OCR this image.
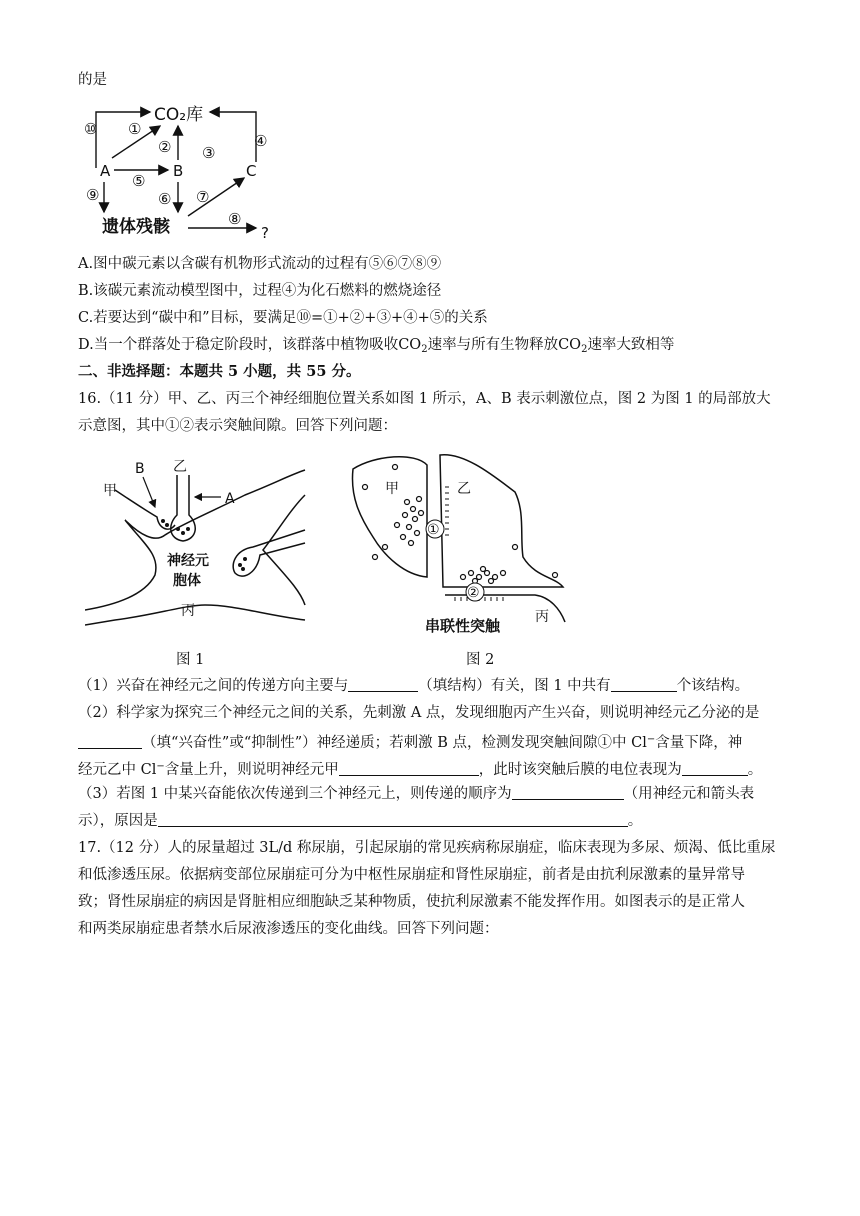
的是
CO₂库
A	B	C
遗体残骸	?
①
② ③
④
⑤
⑥ ⑦
⑧
⑨
⑩
A.图中碳元素以含碳有机物形式流动的过程有⑤⑥⑦⑧⑨
B.该碳元素流动模型图中，过程④为化石燃料的燃烧途径
C.若要达到“碳中和”目标，要满足⑩=①+②+③+④+⑤的关系
D.当一个群落处于稳定阶段时，该群落中植物吸收$CO_2$速率与所有生物释放$CO_2$速率大致相等
二、非选择题：本题共 5 小题，共 55 分。
16.（11 分）甲、乙、丙三个神经细胞位置关系如图 1 所示，A、B 表示刺激位点，图 2 为图 1 的局部放大
示意图，其中①②表示突触间隙。回答下列问题：
B 乙
甲	A
神经元
胞体
丙
图 1
①
②
甲	乙
丙
串联性突触
图 2
（1）兴奋在神经元之间的传递方向主要与	（填结构）有关，图 1 中共有	个该结构。
（2）科学家为探究三个神经元之间的关系，先刺激 A 点，发现细胞丙产生兴奋，则说明神经元乙分泌的是
（填“兴奋性”或“抑制性”）神经递质；若刺激 B 点，检测发现突触间隙①中 Cl−含量下降，神
经元乙中 Cl−含量上升，则说明神经元甲	，此时该突触后膜的电位表现为	。
（3）若图 1 中某兴奋能依次传递到三个神经元上，则传递的顺序为	（用神经元和箭头表
示），原因是	。
17.（12 分）人的尿量超过 3L/d 称尿崩，引起尿崩的常见疾病称尿崩症，临床表现为多尿、烦渴、低比重尿
和低渗透压尿。依据病变部位尿崩症可分为中枢性尿崩症和肾性尿崩症，前者是由抗利尿激素的量异常导
致；肾性尿崩症的病因是肾脏相应细胞缺乏某种物质，使抗利尿激素不能发挥作用。如图表示的是正常人
和两类尿崩症患者禁水后尿液渗透压的变化曲线。回答下列问题：
